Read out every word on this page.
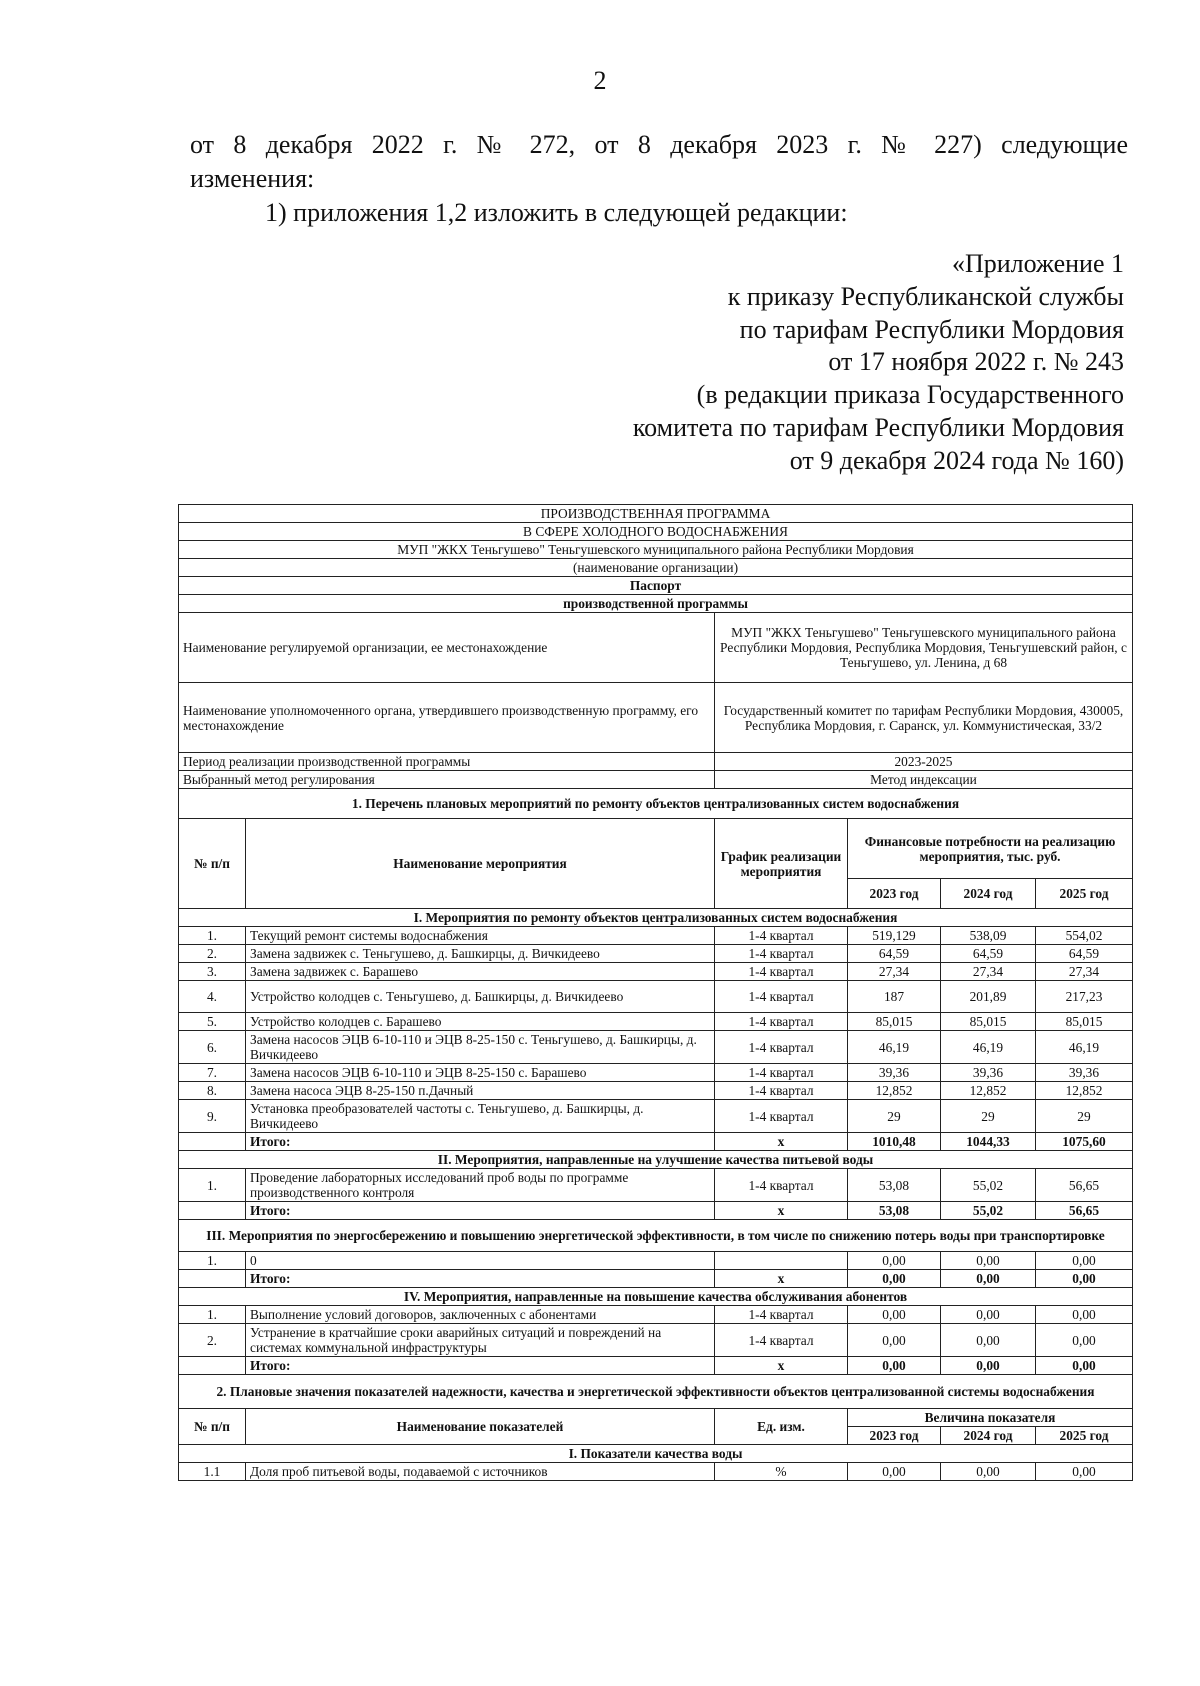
2
от 8 декабря 2022 г. № 272, от 8 декабря 2023 г. № 227) следующие
изменения:
1) приложения 1,2 изложить в следующей редакции:
«Приложение 1
к приказу Республиканской службы
по тарифам Республики Мордовия
от 17 ноября 2022 г. № 243
(в редакции приказа Государственного
комитета по тарифам Республики Мордовия
от 9 декабря 2024 года № 160)
ПРОИЗВОДСТВЕННАЯ ПРОГРАММА					
В СФЕРЕ ХОЛОДНОГО ВОДОСНАБЖЕНИЯ					
МУП "ЖКХ Теньгушево" Теньгушевского муниципального района Республики Мордовия					
(наименование организации)					
Паспорт					
производственной программы					
Наименование регулируемой организации, ее местонахождение		МУП "ЖКХ Теньгушево" Теньгушевского муниципального района Республики Мордовия, Республика Мордовия, Теньгушевский район, с Теньгушево, ул. Ленина, д 68			
Наименование уполномоченного органа, утвердившего производственную программу, его местонахождение		Государственный комитет по тарифам Республики Мордовия, 430005, Республика Мордовия, г. Саранск, ул. Коммунистическая, 33/2			
Период реализации производственной программы		2023-2025			
Выбранный метод регулирования		Метод индексации			
1. Перечень плановых мероприятий по ремонту объектов централизованных систем водоснабжения					
№ п/п	Наименование мероприятия	График реализации мероприятия	Финансовые потребности на реализацию мероприятия, тыс. руб.		
			2023 год	2024 год	2025 год
I. Мероприятия по ремонту объектов централизованных систем водоснабжения					
1.	Текущий ремонт системы водоснабжения	1-4 квартал	519,129	538,09	554,02
2.	Замена задвижек с. Теньгушево, д. Башкирцы, д. Вичкидеево	1-4 квартал	64,59	64,59	64,59
3.	Замена задвижек с. Барашево	1-4 квартал	27,34	27,34	27,34
4.	Устройство колодцев с. Теньгушево, д. Башкирцы, д. Вичкидеево	1-4 квартал	187	201,89	217,23
5.	Устройство колодцев с. Барашево	1-4 квартал	85,015	85,015	85,015
6.	Замена насосов ЭЦВ 6-10-110 и ЭЦВ 8-25-150 с. Теньгушево, д. Башкирцы, д. Вичкидеево	1-4 квартал	46,19	46,19	46,19
7.	Замена насосов ЭЦВ 6-10-110 и ЭЦВ 8-25-150 с. Барашево	1-4 квартал	39,36	39,36	39,36
8.	Замена насоса ЭЦВ 8-25-150 п.Дачный	1-4 квартал	12,852	12,852	12,852
9.	Установка преобразователей частоты с. Теньгушево, д. Башкирцы, д. Вичкидеево	1-4 квартал	29	29	29
	Итого:	х	1010,48	1044,33	1075,60
II. Мероприятия, направленные на улучшение качества питьевой воды					
1.	Проведение лабораторных исследований проб воды по программе производственного контроля	1-4 квартал	53,08	55,02	56,65
	Итого:	х	53,08	55,02	56,65
III. Мероприятия по энергосбережению и повышению энергетической эффективности, в том числе по снижению потерь воды при транспортировке					
1.	0		0,00	0,00	0,00
	Итого:	х	0,00	0,00	0,00
IV. Мероприятия, направленные на повышение качества обслуживания абонентов					
1.	Выполнение условий договоров, заключенных с абонентами	1-4 квартал	0,00	0,00	0,00
2.	Устранение в кратчайшие сроки аварийных ситуаций и повреждений на системах коммунальной инфраструктуры	1-4 квартал	0,00	0,00	0,00
	Итого:	х	0,00	0,00	0,00
2. Плановые значения показателей надежности, качества и энергетической эффективности объектов централизованной системы водоснабжения					
№ п/п	Наименование показателей	Ед. изм.	Величина показателя		
			2023 год	2024 год	2025 год
I. Показатели качества воды					
1.1	Доля проб питьевой воды, подаваемой с источников	%	0,00	0,00	0,00
